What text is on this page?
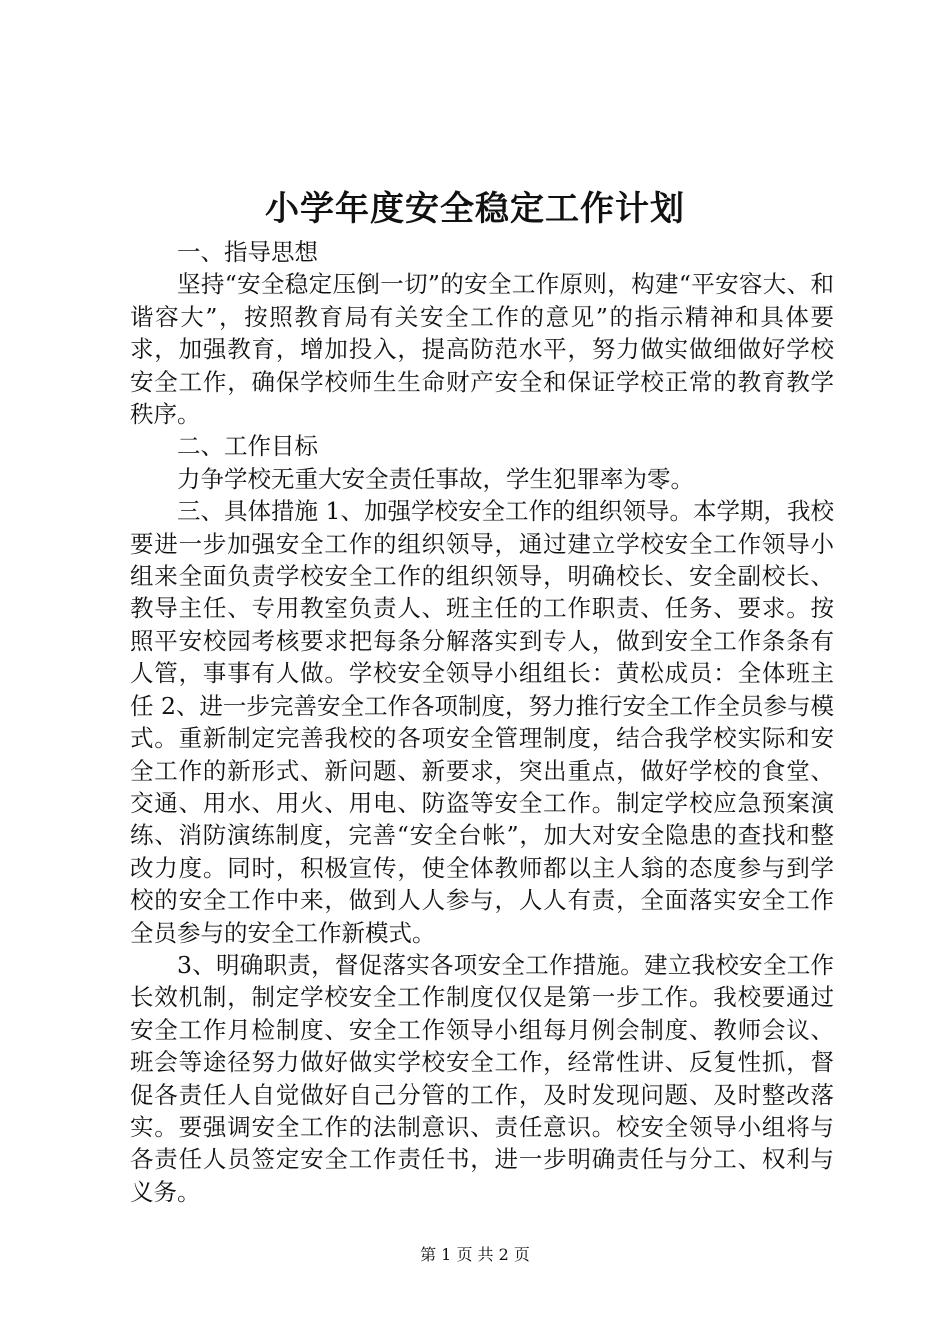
小学年度安全稳定工作计划

一、指导思想

坚持“安全稳定压倒一切”的安全工作原则，构建“平安容大、和谐容大”，按照教育局有关安全工作的意见”的指示精神和具体要求，加强教育，增加投入，提高防范水平，努力做实做细做好学校安全工作，确保学校师生生命财产安全和保证学校正常的教育教学秩序。

二、工作目标

力争学校无重大安全责任事故，学生犯罪率为零。

三、具体措施 1、加强学校安全工作的组织领导。本学期，我校要进一步加强安全工作的组织领导，通过建立学校安全工作领导小组来全面负责学校安全工作的组织领导，明确校长、安全副校长、教导主任、专用教室负责人、班主任的工作职责、任务、要求。按照平安校园考核要求把每条分解落实到专人，做到安全工作条条有人管，事事有人做。学校安全领导小组组长：黄松成员：全体班主任 2、进一步完善安全工作各项制度，努力推行安全工作全员参与模式。重新制定完善我校的各项安全管理制度，结合我学校实际和安全工作的新形式、新问题、新要求，突出重点，做好学校的食堂、交通、用水、用火、用电、防盗等安全工作。制定学校应急预案演练、消防演练制度，完善“安全台帐”，加大对安全隐患的查找和整改力度。同时，积极宣传，使全体教师都以主人翁的态度参与到学校的安全工作中来，做到人人参与，人人有责，全面落实安全工作全员参与的安全工作新模式。

3、明确职责，督促落实各项安全工作措施。建立我校安全工作长效机制，制定学校安全工作制度仅仅是第一步工作。我校要通过安全工作月检制度、安全工作领导小组每月例会制度、教师会议、班会等途径努力做好做实学校安全工作，经常性讲、反复性抓，督促各责任人自觉做好自己分管的工作，及时发现问题、及时整改落实。要强调安全工作的法制意识、责任意识。校安全领导小组将与各责任人员签定安全工作责任书，进一步明确责任与分工、权利与义务。

第 1 页 共 2 页
